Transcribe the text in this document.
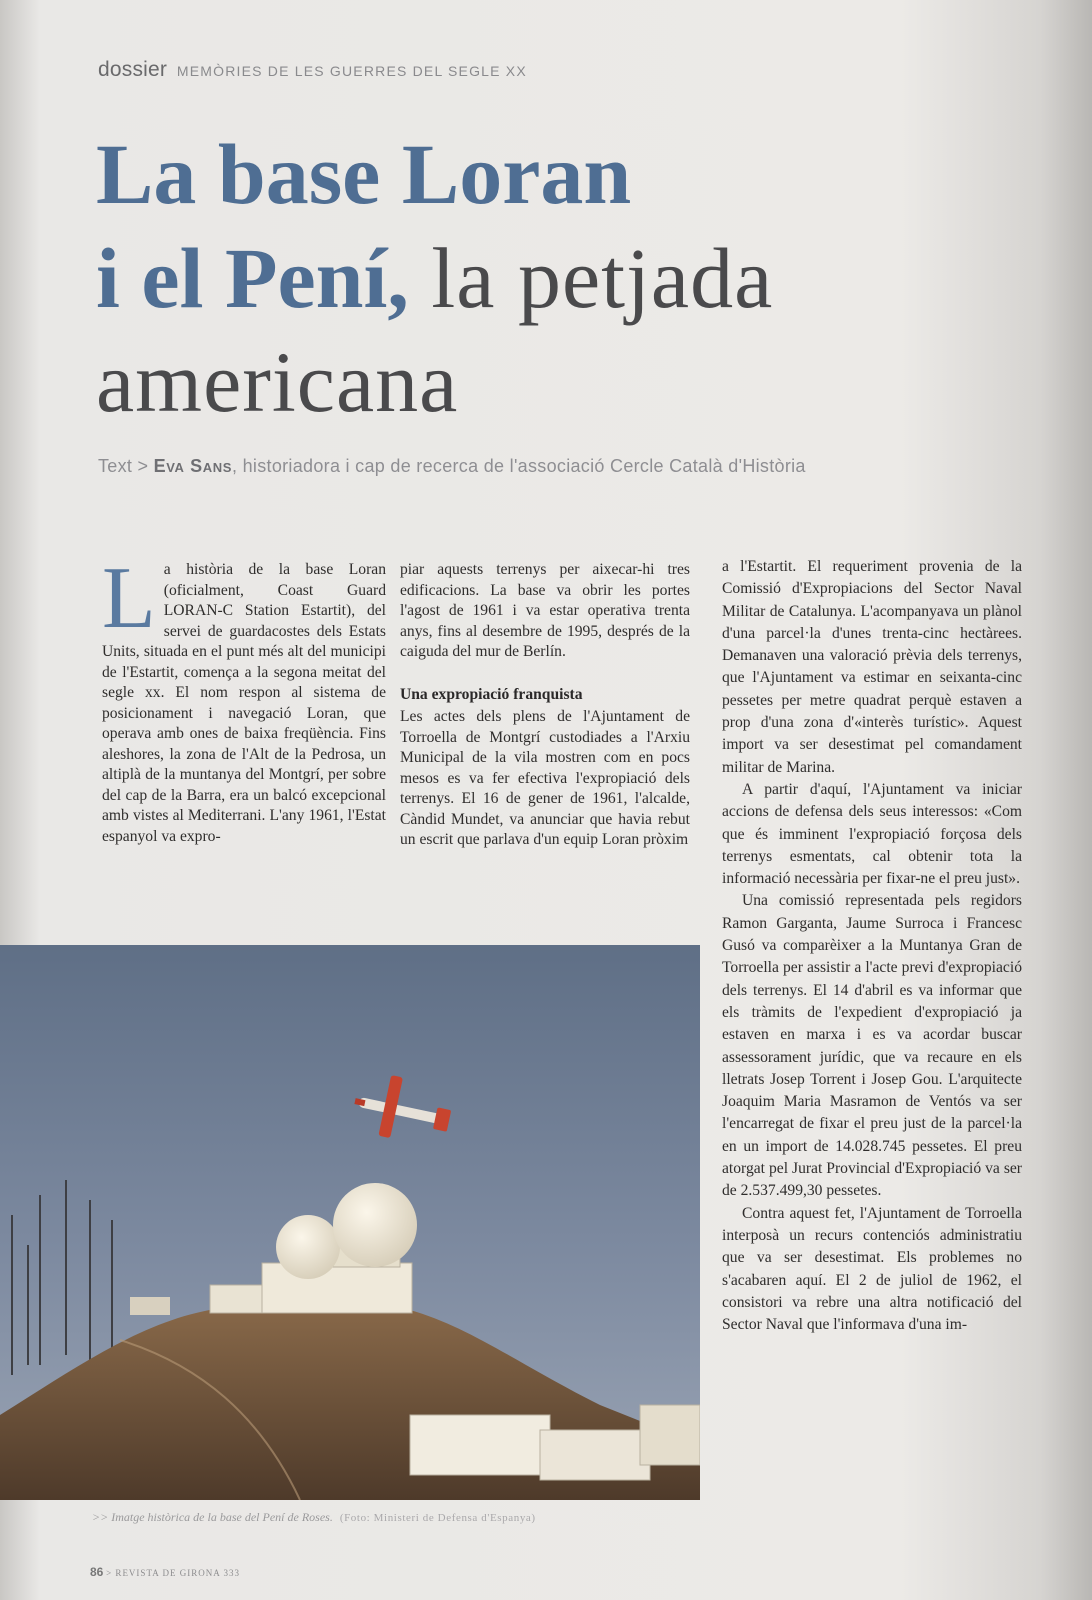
dossier MEMÒRIES DE LES GUERRES DEL SEGLE XX
La base Loran
i el Pení, la petjada
americana
Text > Eva Sans, historiadora i cap de recerca de l'associació Cercle Català d'Història

L a història de la base Loran (oficialment, Coast Guard LORAN-C Station Estartit), del servei de guardacostes dels Estats Units, situada en el punt més alt del municipi de l'Estartit, comença a la segona meitat del segle xx. El nom respon al sistema de posicionament i navegació Loran, que operava amb ones de baixa freqüència. Fins aleshores, la zona de l'Alt de la Pedrosa, un altiplà de la muntanya del Montgrí, per sobre del cap de la Barra, era un balcó excepcional amb vistes al Mediterrani. L'any 1961, l'Estat espanyol va expro-

piar aquests terrenys per aixecar-hi tres edificacions. La base va obrir les portes l'agost de 1961 i va estar operativa trenta anys, fins al desembre de 1995, després de la caiguda del mur de Berlín.

Una expropiació franquista

Les actes dels plens de l'Ajuntament de Torroella de Montgrí custodiades a l'Arxiu Municipal de la vila mostren com en pocs mesos es va fer efectiva l'expropiació dels terrenys. El 16 de gener de 1961, l'alcalde, Càndid Mundet, va anunciar que havia rebut un escrit que parlava d'un equip Loran pròxim

a l'Estartit. El requeriment provenia de la Comissió d'Expropiacions del Sector Naval Militar de Catalunya. L'acompanyava un plànol d'una parcel·la d'unes trenta-cinc hectàrees. Demanaven una valoració prèvia dels terrenys, que l'Ajuntament va estimar en seixanta-cinc pessetes per metre quadrat perquè estaven a prop d'una zona d'«interès turístic». Aquest import va ser desestimat pel comandament militar de Marina.

A partir d'aquí, l'Ajuntament va iniciar accions de defensa dels seus interessos: «Com que és imminent l'expropiació forçosa dels terrenys esmentats, cal obtenir tota la informació necessària per fixar-ne el preu just».

Una comissió representada pels regidors Ramon Garganta, Jaume Surroca i Francesc Gusó va comparèixer a la Muntanya Gran de Torroella per assistir a l'acte previ d'expropiació dels terrenys. El 14 d'abril es va informar que els tràmits de l'expedient d'expropiació ja estaven en marxa i es va acordar buscar assessorament jurídic, que va recaure en els lletrats Josep Torrent i Josep Gou. L'arquitecte Joaquim Maria Masramon de Ventós va ser l'encarregat de fixar el preu just de la parcel·la en un import de 14.028.745 pessetes. El preu atorgat pel Jurat Provincial d'Expropiació va ser de 2.537.499,30 pessetes.

Contra aquest fet, l'Ajuntament de Torroella interposà un recurs contenciós administratiu que va ser desestimat. Els problemes no s'acabaren aquí. El 2 de juliol de 1962, el consistori va rebre una altra notificació del Sector Naval que l'informava d'una im-

>> Imatge històrica de la base del Pení de Roses. (Foto: Ministeri de Defensa d'Espanya)
86 > REVISTA DE GIRONA 333
